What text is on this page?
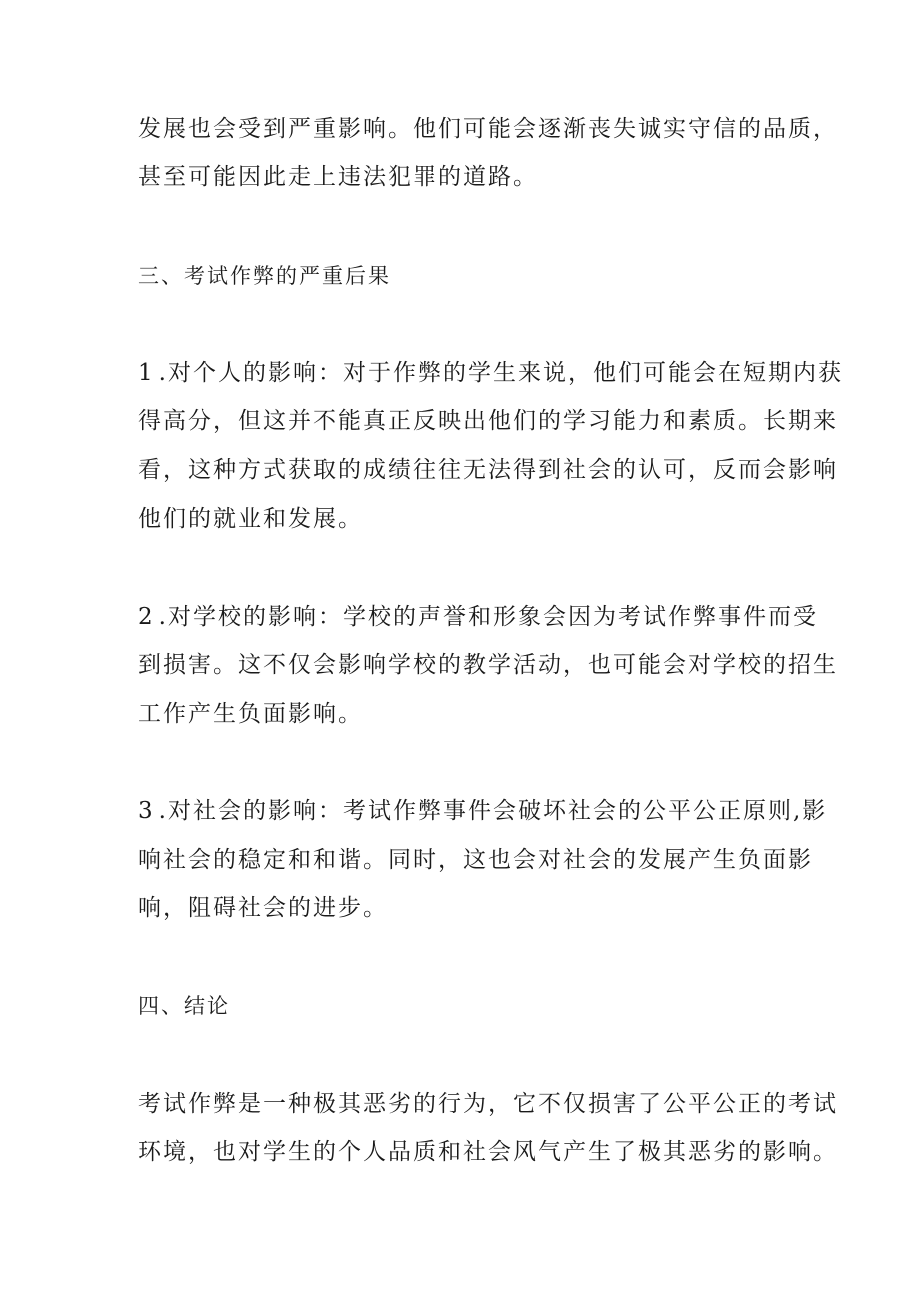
发展也会受到严重影响。他们可能会逐渐丧失诚实守信的品质，
甚至可能因此走上违法犯罪的道路。
三、考试作弊的严重后果
1 .对个人的影响：对于作弊的学生来说，他们可能会在短期内获
得高分，但这并不能真正反映出他们的学习能力和素质。长期来
看，这种方式获取的成绩往往无法得到社会的认可，反而会影响
他们的就业和发展。
2 .对学校的影响：学校的声誉和形象会因为考试作弊事件而受
到损害。这不仅会影响学校的教学活动，也可能会对学校的招生
工作产生负面影响。
3 .对社会的影响：考试作弊事件会破坏社会的公平公正原则,影
响社会的稳定和和谐。同时，这也会对社会的发展产生负面影
响，阻碍社会的进步。
四、结论
考试作弊是一种极其恶劣的行为，它不仅损害了公平公正的考试
环境，也对学生的个人品质和社会风气产生了极其恶劣的影响。
